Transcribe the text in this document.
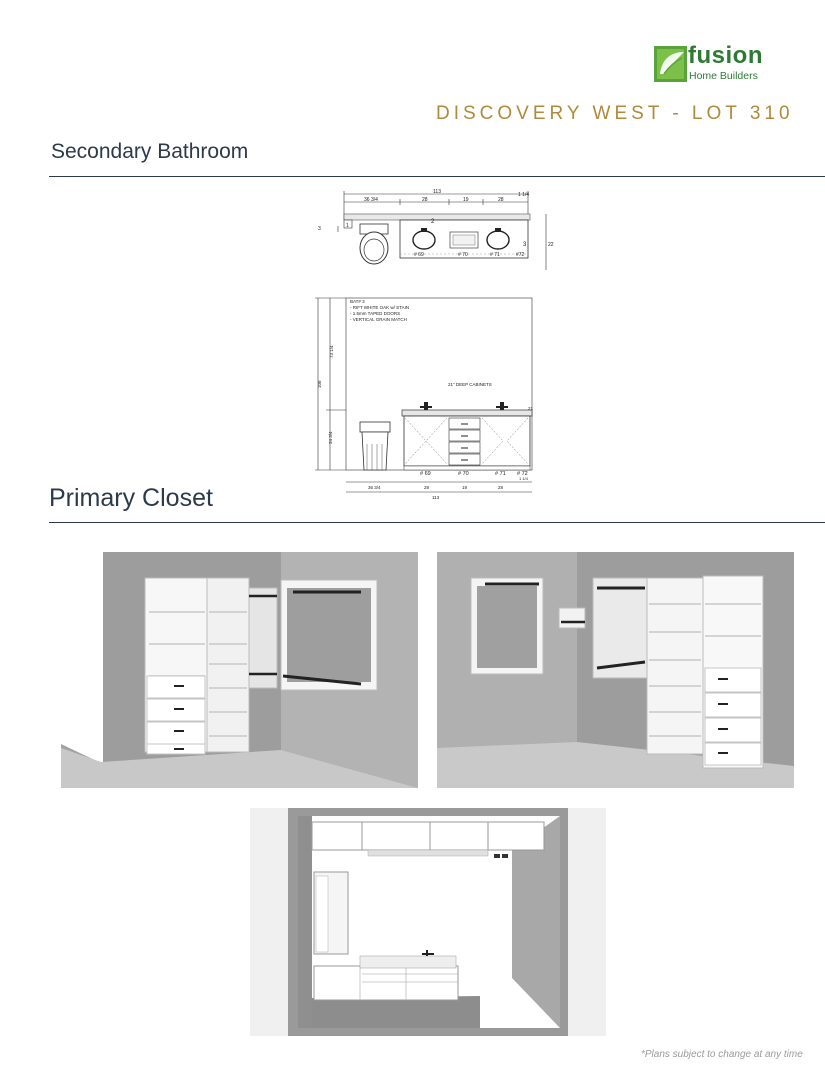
fusion
Home Builders
DISCOVERY WEST - LOT 310
Secondary Bathroom
113
36 3/4	28	19	28
1 1/4
3
22
2
1
3
# 69	# 70	# 71	#72
BAT# 3
- RIFT WHITE OAK w/ STAIN
- 1.5mm TAPED DOORS
- VERTICAL GRAIN MATCH
21" DEEP CABINETS
108
73 1/4
34 3/4
21
# 69	# 70	# 71 # 72
1 1/4
36 3/4	28	19	28
113
Primary Closet
*Plans subject to change at any time
